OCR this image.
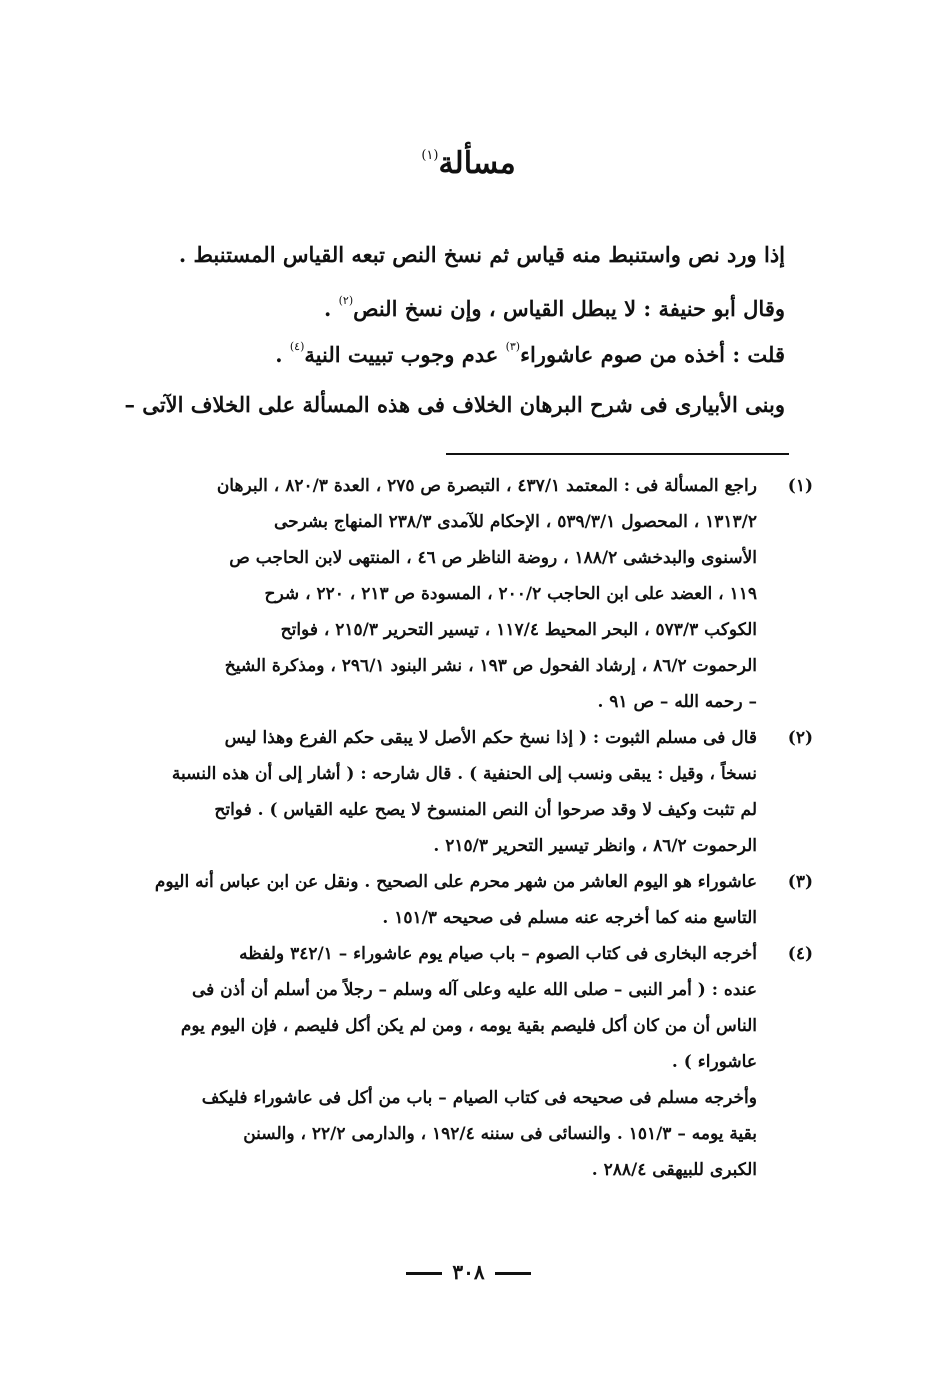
مسألة$^{(١)}$
إذا ورد نص واستنبط منه قياس ثم نسخ النص تبعه القياس المستنبط .
وقال أبو حنيفة : لا يبطل القياس ، وإن نسخ النص$^{(٢)}$ .
قلت : أخذه من صوم عاشوراء$^{(٣)}$ عدم وجوب تبييت النية$^{(٤)}$ .
وبنى الأبيارى فى شرح البرهان الخلاف فى هذه المسألة على الخلاف الآتى –
(١)
راجع المسألة فى : المعتمد ٤٣٧/١ ، التبصرة ص ٢٧٥ ، العدة ٨٢٠/٣ ، البرهان
١٣١٣/٢ ، المحصول ٥٣٩/٣/١ ، الإحكام للآمدى ٢٣٨/٣ المنهاج بشرحى
الأسنوى والبدخشى ١٨٨/٢ ، روضة الناظر ص ٤٦ ، المنتهى لابن الحاجب ص
١١٩ ، العضد على ابن الحاجب ٢٠٠/٢ ، المسودة ص ٢١٣ ، ٢٢٠ ، شرح
الكوكب ٥٧٣/٣ ، البحر المحيط ١١٧/٤ ، تيسير التحرير ٢١٥/٣ ، فواتح
الرحموت ٨٦/٢ ، إرشاد الفحول ص ١٩٣ ، نشر البنود ٢٩٦/١ ، ومذكرة الشيخ
– رحمه الله – ص ٩١ .
(٢)
قال فى مسلم الثبوت : ( إذا نسخ حكم الأصل لا يبقى حكم الفرع وهذا ليس
نسخاً ، وقيل : يبقى ونسب إلى الحنفية ) . قال شارحه : ( أشار إلى أن هذه النسبة
لم تثبت وكيف لا وقد صرحوا أن النص المنسوخ لا يصح عليه القياس ) . فواتح
الرحموت ٨٦/٢ ، وانظر تيسير التحرير ٢١٥/٣ .
(٣)
عاشوراء هو اليوم العاشر من شهر محرم على الصحيح . ونقل عن ابن عباس أنه اليوم
التاسع منه كما أخرجه عنه مسلم فى صحيحه ١٥١/٣ .
(٤)
أخرجه البخارى فى كتاب الصوم – باب صيام يوم عاشوراء – ٣٤٢/١ ولفظه
عنده : ( أمر النبى – صلى الله عليه وعلى آله وسلم – رجلاً من أسلم أن أذن فى
الناس أن من كان أكل فليصم بقية يومه ، ومن لم يكن أكل فليصم ، فإن اليوم يوم
عاشوراء ) .
وأخرجه مسلم فى صحيحه فى كتاب الصيام – باب من أكل فى عاشوراء فليكف
بقية يومه – ١٥١/٣ . والنسائى فى سننه ١٩٢/٤ ، والدارمى ٢٢/٢ ، والسنن
الكبرى للبيهقى ٢٨٨/٤ .
٣٠٨
